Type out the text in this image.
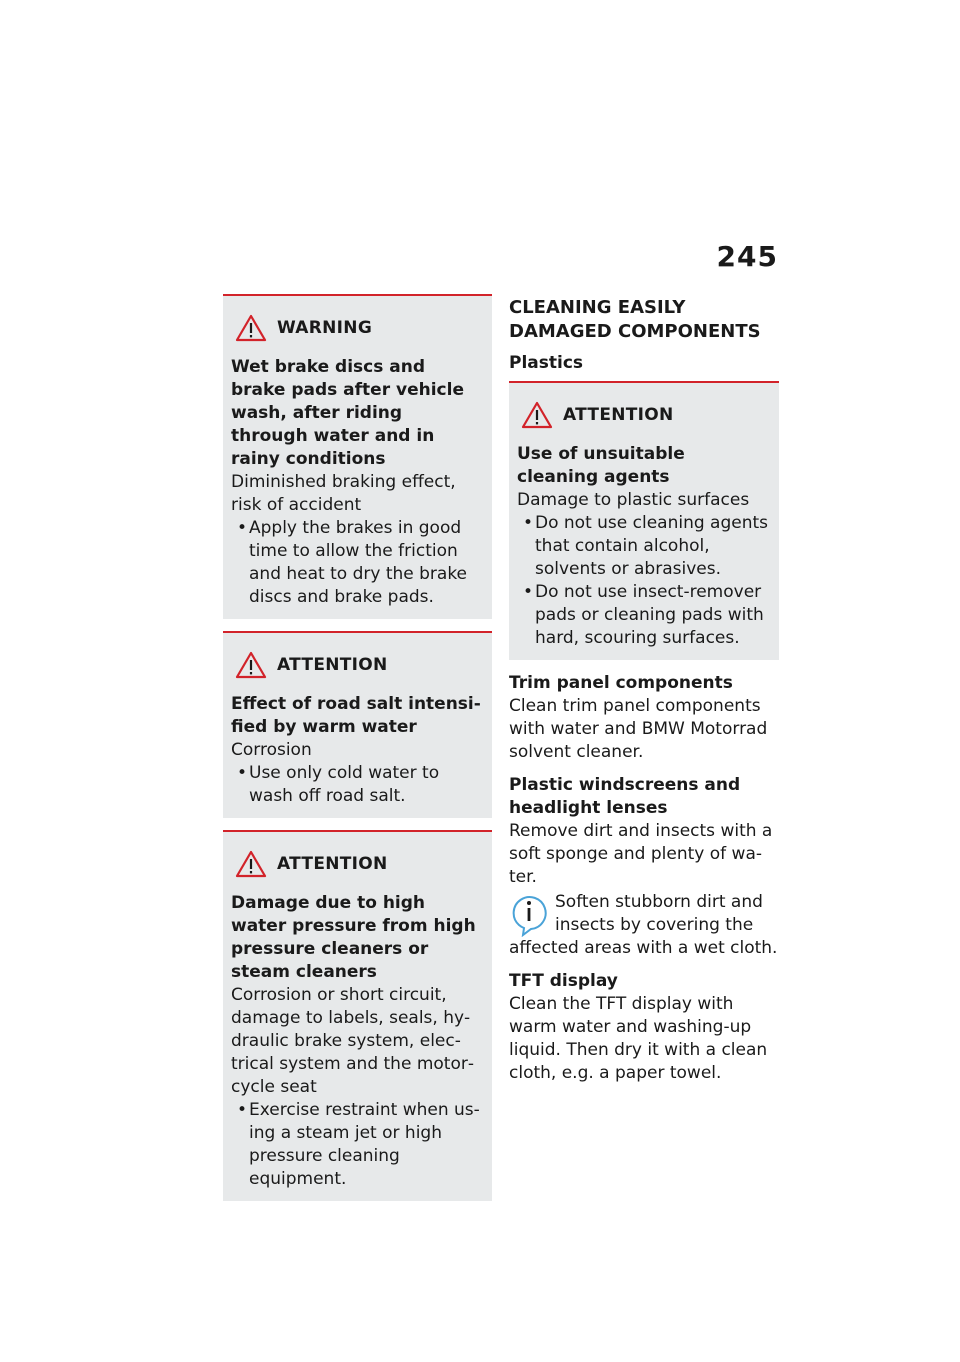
245
WARNING
Wet brake discs and brake pads after vehicle wash, after riding through water and in rainy conditions
Diminished braking effect, risk of accident
• Apply the brakes in good time to allow the friction and heat to dry the brake discs and brake pads.
ATTENTION
Effect of road salt intensified by warm water
Corrosion
• Use only cold water to wash off road salt.
ATTENTION
Damage due to high water pressure from high pressure cleaners or steam cleaners
Corrosion or short circuit, damage to labels, seals, hydraulic brake system, electrical system and the motorcycle seat
• Exercise restraint when using a steam jet or high pressure cleaning equipment.
CLEANING EASILY DAMAGED COMPONENTS
Plastics
ATTENTION
Use of unsuitable cleaning agents
Damage to plastic surfaces
• Do not use cleaning agents that contain alcohol, solvents or abrasives.
• Do not use insect-remover pads or cleaning pads with hard, scouring surfaces.
Trim panel components
Clean trim panel components with water and BMW Motorrad solvent cleaner.
Plastic windscreens and headlight lenses
Remove dirt and insects with a soft sponge and plenty of water.
Soften stubborn dirt and insects by covering the affected areas with a wet cloth.
TFT display
Clean the TFT display with warm water and washing-up liquid. Then dry it with a clean cloth, e.g. a paper towel.
